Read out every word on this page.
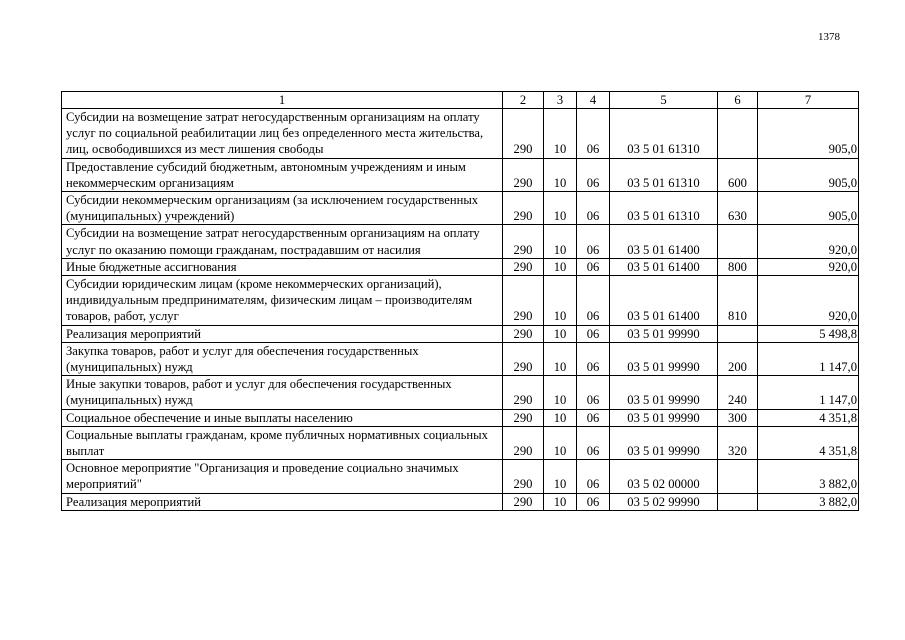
1378
1	2	3	4	5	6	7
Субсидии на возмещение затрат негосударственным организациям на оплату услуг по социальной реабилитации лиц без определенного места жительства, лиц, освободившихся из мест лишения свободы	290	10	06	03 5 01 61310		905,0
Предоставление субсидий бюджетным, автономным учреждениям и иным некоммерческим организациям	290	10	06	03 5 01 61310	600	905,0
Субсидии некоммерческим организациям (за исключением государственных (муниципальных) учреждений)	290	10	06	03 5 01 61310	630	905,0
Субсидии на возмещение затрат негосударственным организациям на оплату услуг по оказанию помощи гражданам, пострадавшим от насилия	290	10	06	03 5 01 61400		920,0
Иные бюджетные ассигнования	290	10	06	03 5 01 61400	800	920,0
Субсидии юридическим лицам (кроме некоммерческих организаций), индивидуальным предпринимателям, физическим лицам – производителям товаров, работ, услуг	290	10	06	03 5 01 61400	810	920,0
Реализация мероприятий	290	10	06	03 5 01 99990		5 498,8
Закупка товаров, работ и услуг для обеспечения государственных (муниципальных) нужд	290	10	06	03 5 01 99990	200	1 147,0
Иные закупки товаров, работ и услуг для обеспечения государственных (муниципальных) нужд	290	10	06	03 5 01 99990	240	1 147,0
Социальное обеспечение и иные выплаты населению	290	10	06	03 5 01 99990	300	4 351,8
Социальные выплаты гражданам, кроме публичных нормативных социальных выплат	290	10	06	03 5 01 99990	320	4 351,8
Основное мероприятие "Организация и проведение социально значимых мероприятий"	290	10	06	03 5 02 00000		3 882,0
Реализация мероприятий	290	10	06	03 5 02 99990		3 882,0
